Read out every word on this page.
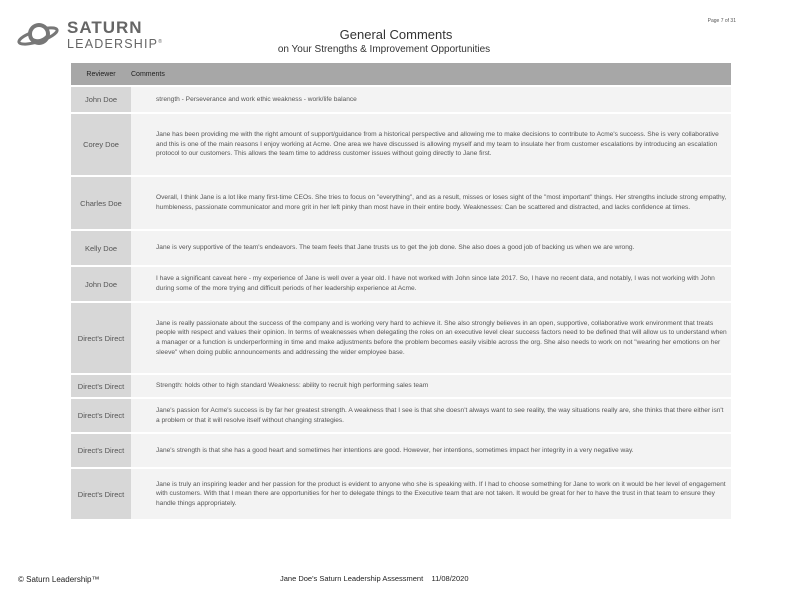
SATURN
LEADERSHIP®
Page 7 of 31
General Comments
on Your Strengths & Improvement Opportunities
Reviewer	Comments
John Doe	strength - Perseverance and work ethic weakness - work/life balance
Corey Doe	Jane has been providing me with the right amount of support/guidance from a historical perspective and allowing me to make decisions to contribute to Acme's success. She is very collaborative and this is one of the main reasons I enjoy working at Acme. One area we have discussed is allowing myself and my team to insulate her from customer escalations by introducing an escalation protocol to our customers. This allows the team time to address customer issues without going directly to Jane first.
Charles Doe	Overall, I think Jane is a lot like many first-time CEOs. She tries to focus on "everything", and as a result, misses or loses sight of the "most important" things. Her strengths include strong empathy, humbleness, passionate communicator and more grit in her left pinky than most have in their entire body. Weaknesses: Can be scattered and distracted, and lacks confidence at times.
Kelly Doe	Jane is very supportive of the team's endeavors. The team feels that Jane trusts us to get the job done. She also does a good job of backing us when we are wrong.
John Doe	I have a significant caveat here - my experience of Jane is well over a year old. I have not worked with John since late 2017. So, I have no recent data, and notably, I was not working with John during some of the more trying and difficult periods of her leadership experience at Acme.
Direct's Direct	Jane is really passionate about the success of the company and is working very hard to achieve it. She also strongly believes in an open, supportive, collaborative work environment that treats people with respect and values their opinion. In terms of weaknesses when delegating the roles on an executive level clear success factors need to be defined that will allow us to understand when a manager or a function is underperforming in time and make adjustments before the problem becomes easily visible across the org. She also needs to work on not "wearing her emotions on her sleeve" when doing public announcements and addressing the wider employee base.
Direct's Direct	Strength: holds other to high standard Weakness: ability to recruit high performing sales team
Direct's Direct	Jane's passion for Acme's success is by far her greatest strength. A weakness that I see is that she doesn't always want to see reality, the way situations really are, she thinks that there either isn't a problem or that it will resolve itself without changing strategies.
Direct's Direct	Jane's strength is that she has a good heart and sometimes her intentions are good. However, her intentions, sometimes impact her integrity in a very negative way.
Direct's Direct	Jane is truly an inspiring leader and her passion for the product is evident to anyone who she is speaking with. If I had to choose something for Jane to work on it would be her level of engagement with customers. With that I mean there are opportunities for her to delegate things to the Executive team that are not taken. It would be great for her to have the trust in that team to ensure they handle things appropriately.
© Saturn Leadership™	Jane Doe's Saturn Leadership Assessment    11/08/2020
